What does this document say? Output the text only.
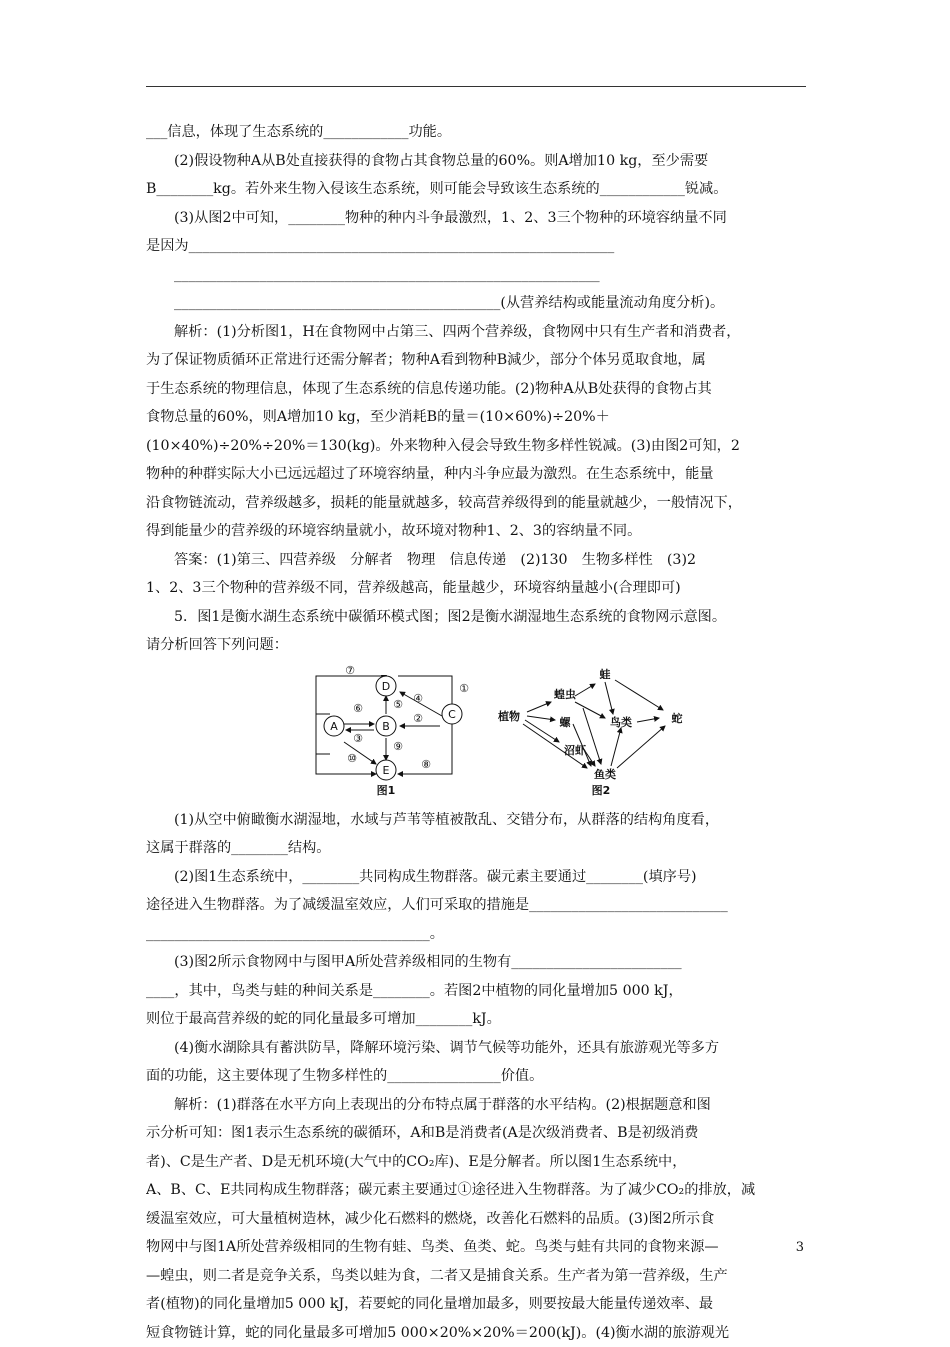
___信息，体现了生态系统的____________功能。
(2)假设物种A从B处直接获得的食物占其食物总量的60%。则A增加10 kg，至少需要
B________kg。若外来生物入侵该生态系统，则可能会导致该生态系统的____________锐减。
(3)从图2中可知，________物种的种内斗争最激烈，1、2、3三个物种的环境容纳量不同
是因为____________________________________________________________
____________________________________________________________
______________________________________________(从营养结构或能量流动角度分析)。
解析：(1)分析图1，H在食物网中占第三、四两个营养级，食物网中只有生产者和消费者，
为了保证物质循环正常进行还需分解者；物种A看到物种B減少，部分个体另觅取食地，属
于生态系统的物理信息，体现了生态系统的信息传递功能。(2)物种A从B处获得的食物占其
食物总量的60%，则A增加10 kg，至少消耗B的量＝(10×60%)÷20%＋
(10×40%)÷20%÷20%＝130(kg)。外来物种入侵会导致生物多样性锐减。(3)由图2可知，2
物种的种群实际大小已远远超过了环境容纳量，种内斗争应最为激烈。在生态系统中，能量
沿食物链流动，营养级越多，损耗的能量就越多，较高营养级得到的能量就越少，一般情况下，
得到能量少的营养级的环境容纳量就小，故环境对物种1、2、3的容纳量不同。
答案：(1)第三、四营养级　分解者　物理　信息传递　(2)130　生物多样性　(3)2
1、2、3三个物种的营养级不同，营养级越高，能量越少，环境容纳量越小(合理即可)
5．图1是衡水湖生态系统中碳循环模式图；图2是衡水湖湿地生态系统的食物网示意图。
请分析回答下列问题：
A	B
C
D
E
⑦
⑥	⑤ ④
①
③
②
⑩
⑨
⑧
图1
植物
蝗虫
螺
沼虾
蛙
鸟类	蛇
鱼类
图2
(1)从空中俯瞰衡水湖湿地，水域与芦苇等植被散乱、交错分布，从群落的结构角度看，
这属于群落的________结构。
(2)图1生态系统中，________共同构成生物群落。碳元素主要通过________(填序号)
途径进入生物群落。为了减缓温室效应，人们可采取的措施是____________________________
________________________________________。
(3)图2所示食物网中与图甲A所处营养级相同的生物有________________________
____，其中，鸟类与蛙的种间关系是________。若图2中植物的同化量增加5 000 kJ，
则位于最高营养级的蛇的同化量最多可增加________kJ。
(4)衡水湖除具有蓄洪防旱，降解环境污染、调节气候等功能外，还具有旅游观光等多方
面的功能，这主要体现了生物多样性的________________价值。
解析：(1)群落在水平方向上表现出的分布特点属于群落的水平结构。(2)根据题意和图
示分析可知：图1表示生态系统的碳循环，A和B是消费者(A是次级消费者、B是初级消费
者)、C是生产者、D是无机环境(大气中的CO₂库)、E是分解者。所以图1生态系统中，
A、B、C、E共同构成生物群落；碳元素主要通过①途径进入生物群落。为了减少CO₂的排放，减
缓温室效应，可大量植树造林，减少化石燃料的燃烧，改善化石燃料的品质。(3)图2所示食
物网中与图1A所处营养级相同的生物有蛙、鸟类、鱼类、蛇。鸟类与蛙有共同的食物来源—
—蝗虫，则二者是竞争关系，鸟类以蛙为食，二者又是捕食关系。生产者为第一营养级，生产
者(植物)的同化量增加5 000 kJ，若要蛇的同化量增加最多，则要按最大能量传递效率、最
短食物链计算，蛇的同化量最多可增加5 000×20%×20%＝200(kJ)。(4)衡水湖的旅游观光
3
